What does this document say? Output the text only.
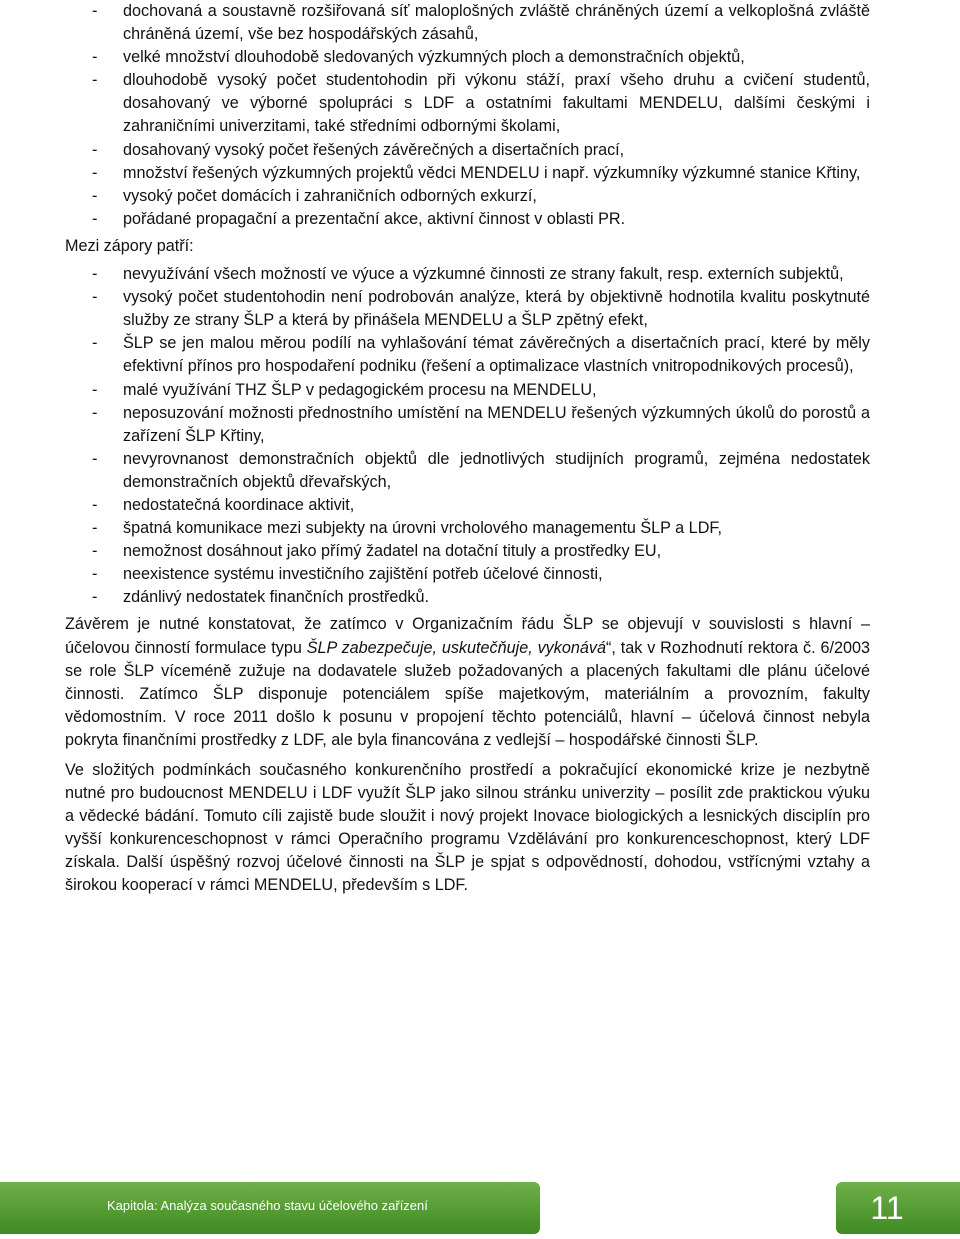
- dochovaná a soustavně rozšiřovaná síť maloplošných zvláště chráněných území a velkoplošná zvláště chráněná území, vše bez hospodářských zásahů,
- velké množství dlouhodobě sledovaných výzkumných ploch a demonstračních objektů,
- dlouhodobě vysoký počet studentohodin při výkonu stáží, praxí všeho druhu a cvičení studentů, dosahovaný ve výborné spolupráci s LDF a ostatními fakultami MENDELU, dalšími českými i zahraničními univerzitami, také středními odbornými školami,
- dosahovaný vysoký počet řešených závěrečných a disertačních prací,
- množství řešených výzkumných projektů vědci MENDELU i např. výzkumníky výzkumné stanice Křtiny,
- vysoký počet domácích i zahraničních odborných exkurzí,
- pořádané propagační a prezentační akce, aktivní činnost v oblasti PR.

Mezi zápory patří:

- nevyužívání všech možností ve výuce a výzkumné činnosti ze strany fakult, resp. externích subjektů,
- vysoký počet studentohodin není podrobován analýze, která by objektivně hodnotila kvalitu poskytnuté služby ze strany ŠLP a která by přinášela MENDELU a ŠLP zpětný efekt,
- ŠLP se jen malou měrou podílí na vyhlašování témat závěrečných a disertačních prací, které by měly efektivní přínos pro hospodaření podniku (řešení a optimalizace vlastních vnitropodnikových procesů),
- malé využívání THZ ŠLP v pedagogickém procesu na MENDELU,
- neposuzování možnosti přednostního umístění na MENDELU řešených výzkumných úkolů do porostů a zařízení ŠLP Křtiny,
- nevyrovnanost demonstračních objektů dle jednotlivých studijních programů, zejména nedostatek demonstračních objektů dřevařských,
- nedostatečná koordinace aktivit,
- špatná komunikace mezi subjekty na úrovni vrcholového managementu ŠLP a LDF,
- nemožnost dosáhnout jako přímý žadatel na dotační tituly a prostředky EU,
- neexistence systému investičního zajištění potřeb účelové činnosti,
- zdánlivý nedostatek finančních prostředků.

Závěrem je nutné konstatovat, že zatímco v Organizačním řádu ŠLP se objevují v souvislosti s hlavní – účelovou činností formulace typu ŠLP zabezpečuje, uskutečňuje, vykonává“, tak v Rozhodnutí rektora č. 6/2003 se role ŠLP víceméně zužuje na dodavatele služeb požadovaných a placených fakultami dle plánu účelové činnosti. Zatímco ŠLP disponuje potenciálem spíše majetkovým, materiálním a provozním, fakulty vědomostním. V roce 2011 došlo k posunu v propojení těchto potenciálů, hlavní – účelová činnost nebyla pokryta finančními prostředky z LDF, ale byla financována z vedlejší – hospodářské činnosti ŠLP.

Ve složitých podmínkách současného konkurenčního prostředí a pokračující ekonomické krize je nezbytně nutné pro budoucnost MENDELU i LDF využít ŠLP jako silnou stránku univerzity – posílit zde praktickou výuku a vědecké bádání. Tomuto cíli zajistě bude sloužit i nový projekt Inovace biologických a lesnických disciplín pro vyšší konkurenceschopnost v rámci Operačního programu Vzdělávání pro konkurenceschopnost, který LDF získala. Další úspěšný rozvoj účelové činnosti na ŠLP je spjat s odpovědností, dohodou, vstřícnými vztahy a širokou kooperací v rámci MENDELU, především s LDF.

Kapitola: Analýza současného stavu účelového zařízení	11
